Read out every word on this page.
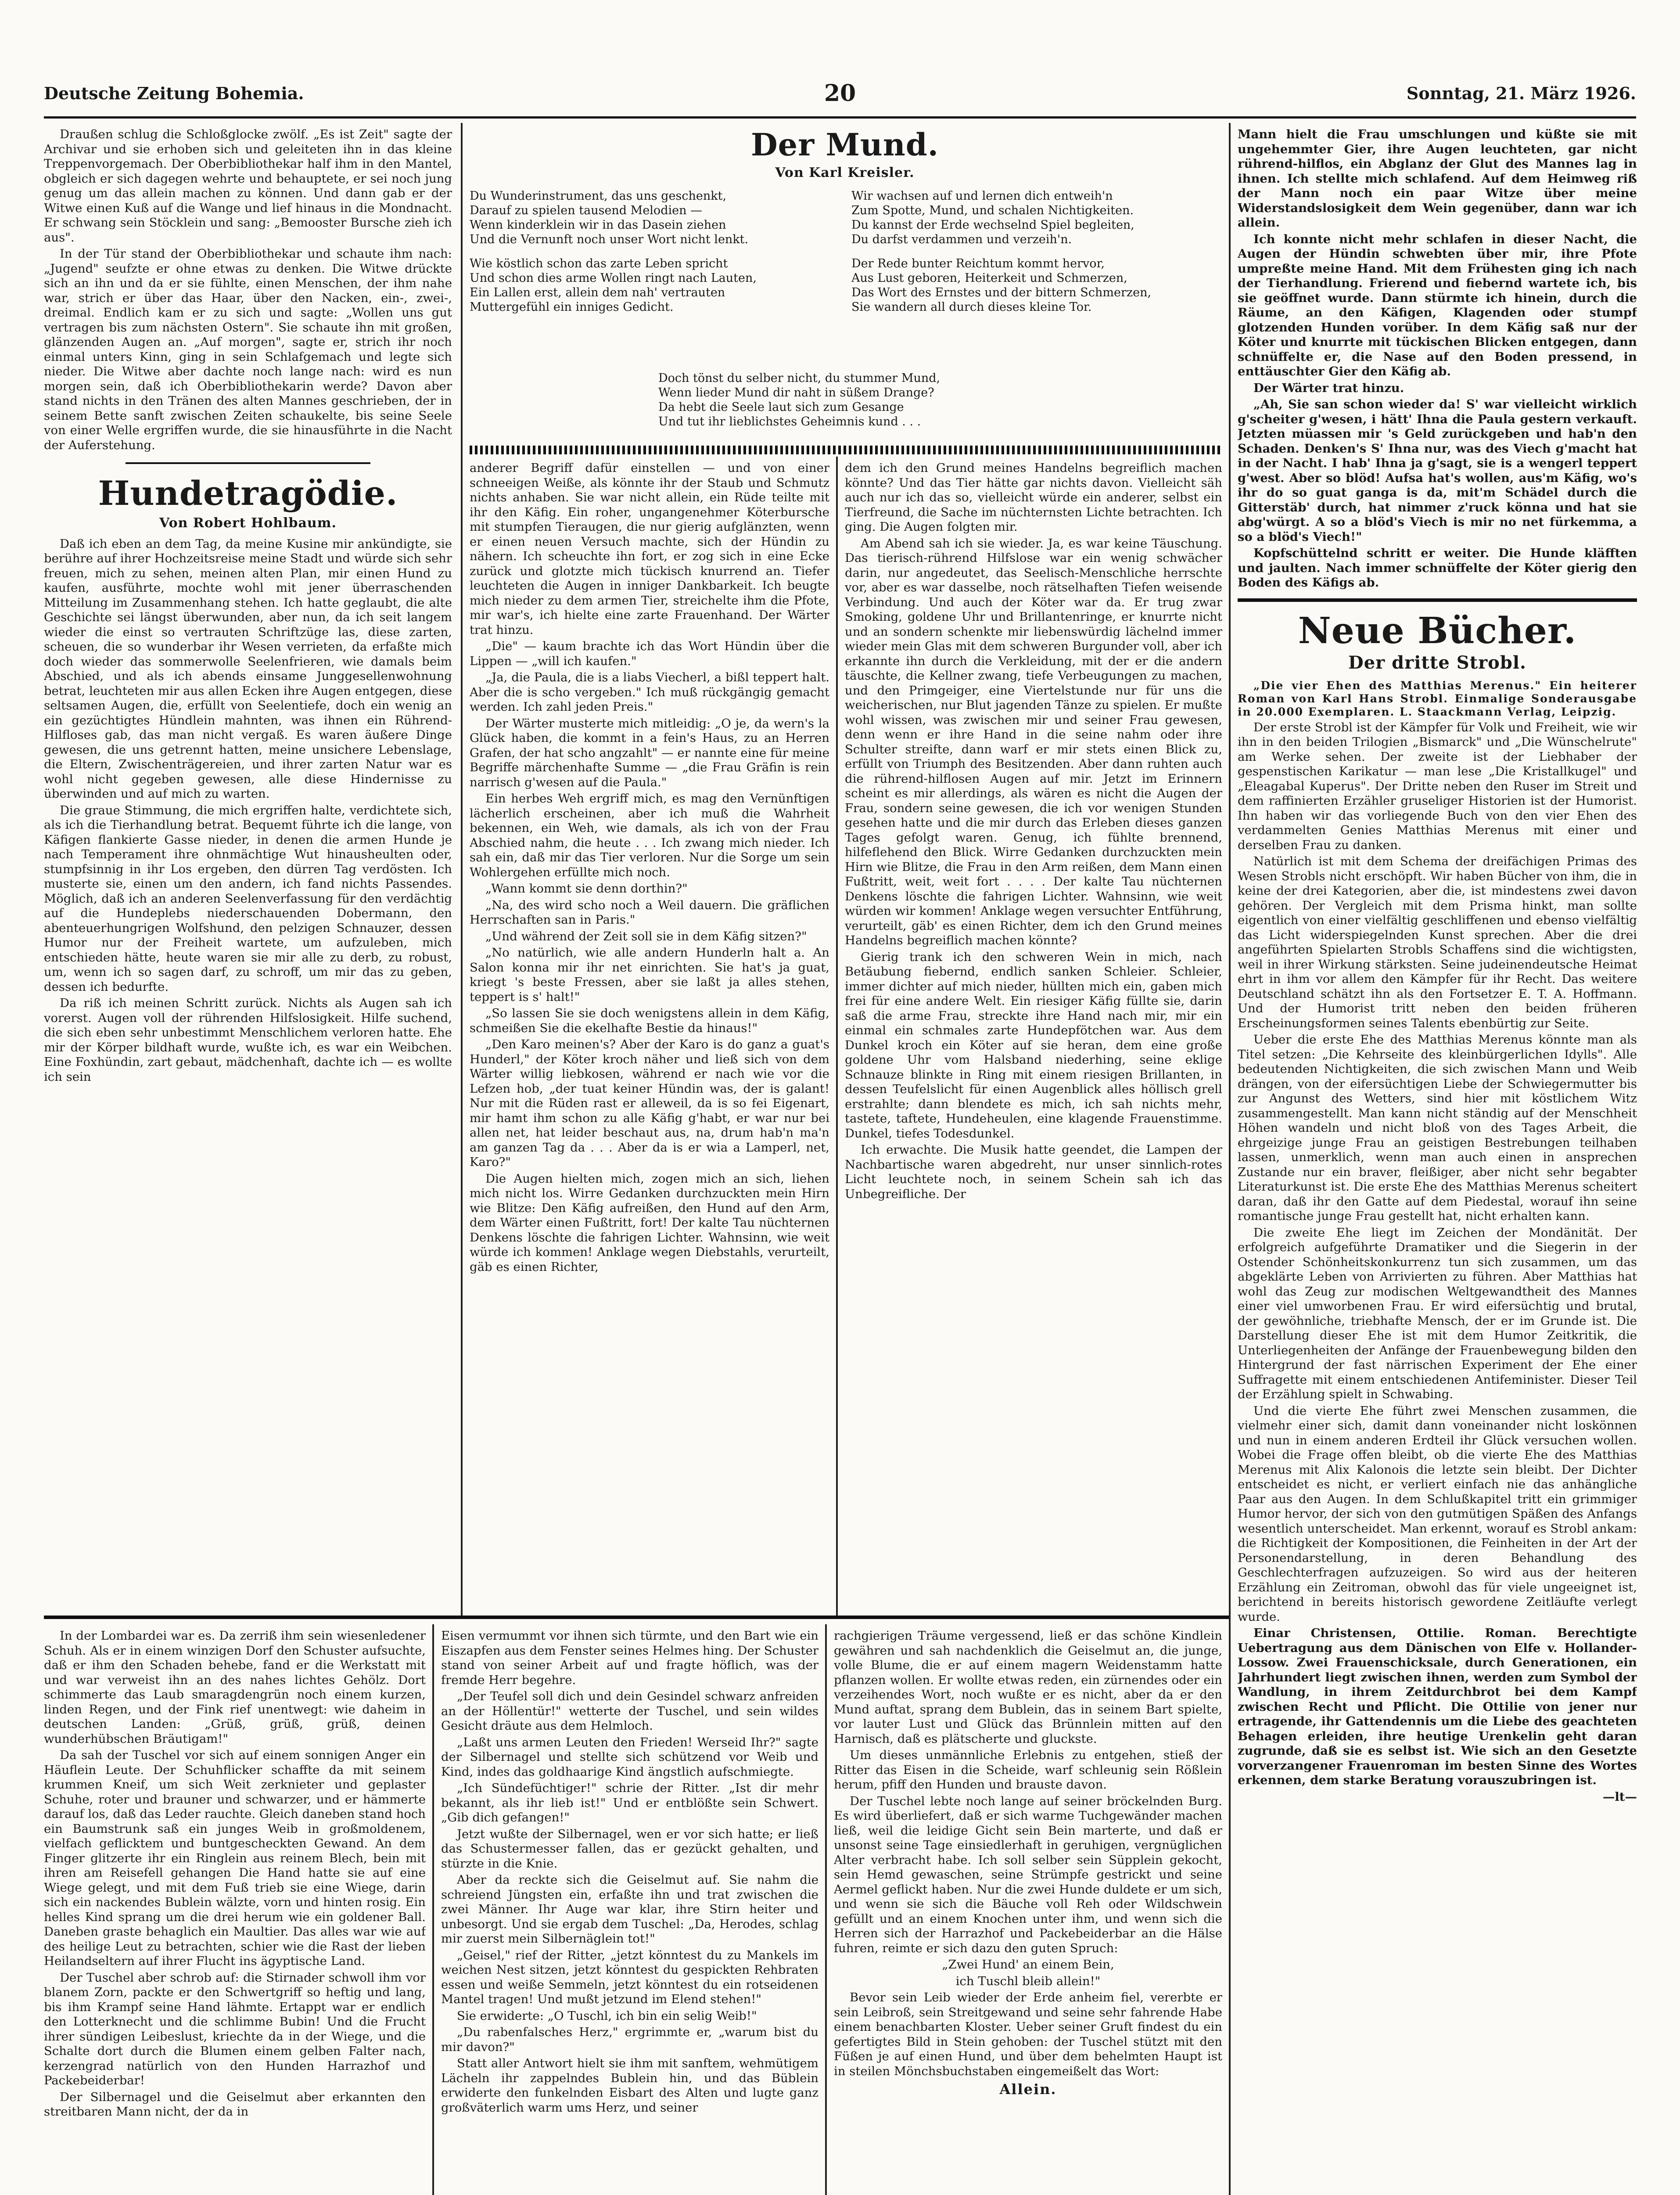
Deutsche Zeitung Bohemia.	20	Sonntag, 21. März 1926.

Draußen schlug die Schloßglocke zwölf. „Es ist Zeit" sagte der Archivar und sie erhoben sich und geleiteten ihn in das kleine Treppenvorgemach. Der Oberbibliothekar half ihm in den Mantel, obgleich er sich dagegen wehrte und behauptete, er sei noch jung genug um das allein machen zu können. Und dann gab er der Witwe einen Kuß auf die Wange und lief hinaus in die Mondnacht. Er schwang sein Stöcklein und sang: „Bemooster Bursche zieh ich aus".

In der Tür stand der Oberbibliothekar und schaute ihm nach: „Jugend" seufzte er ohne etwas zu denken. Die Witwe drückte sich an ihn und da er sie fühlte, einen Menschen, der ihm nahe war, strich er über das Haar, über den Nacken, ein-, zwei-, dreimal. Endlich kam er zu sich und sagte: „Wollen uns gut vertragen bis zum nächsten Ostern". Sie schaute ihn mit großen, glänzenden Augen an. „Auf morgen", sagte er, strich ihr noch einmal unters Kinn, ging in sein Schlafgemach und legte sich nieder. Die Witwe aber dachte noch lange nach: wird es nun morgen sein, daß ich Oberbibliothekarin werde? Davon aber stand nichts in den Tränen des alten Mannes geschrieben, der in seinem Bette sanft zwischen Zeiten schaukelte, bis seine Seele von einer Welle ergriffen wurde, die sie hinausführte in die Nacht der Auferstehung.

Hundetragödie.
Von Robert Hohlbaum.

Daß ich eben an dem Tag, da meine Kusine mir ankündigte, sie berühre auf ihrer Hochzeitsreise meine Stadt und würde sich sehr freuen, mich zu sehen, meinen alten Plan, mir einen Hund zu kaufen, ausführte, mochte wohl mit jener überraschenden Mitteilung im Zusammenhang stehen. Ich hatte geglaubt, die alte Geschichte sei längst überwunden, aber nun, da ich seit langem wieder die einst so vertrauten Schriftzüge las, diese zarten, scheuen, die so wunderbar ihr Wesen verrieten, da erfaßte mich doch wieder das sommerwolle Seelenfrieren, wie damals beim Abschied, und als ich abends einsame Junggesellenwohnung betrat, leuchteten mir aus allen Ecken ihre Augen entgegen, diese seltsamen Augen, die, erfüllt von Seelentiefe, doch ein wenig an ein gezüchtigtes Hündlein mahnten, was ihnen ein Rührend-Hilfloses gab, das man nicht vergaß. Es waren äußere Dinge gewesen, die uns getrennt hatten, meine unsichere Lebenslage, die Eltern, Zwischenträgereien, und ihrer zarten Natur war es wohl nicht gegeben gewesen, alle diese Hindernisse zu überwinden und auf mich zu warten.

Die graue Stimmung, die mich ergriffen halte, verdichtete sich, als ich die Tierhandlung betrat. Bequemt führte ich die lange, von Käfigen flankierte Gasse nieder, in denen die armen Hunde je nach Temperament ihre ohnmächtige Wut hinausheulten oder, stumpfsinnig in ihr Los ergeben, den dürren Tag verdösten. Ich musterte sie, einen um den andern, ich fand nichts Passendes. Möglich, daß ich an anderen Seelenverfassung für den verdächtig auf die Hundeplebs niederschauenden Dobermann, den abenteuerhungrigen Wolfshund, den pelzigen Schnauzer, dessen Humor nur der Freiheit wartete, um aufzuleben, mich entschieden hätte, heute waren sie mir alle zu derb, zu robust, um, wenn ich so sagen darf, zu schroff, um mir das zu geben, dessen ich bedurfte.

Da riß ich meinen Schritt zurück. Nichts als Augen sah ich vorerst. Augen voll der rührenden Hilfslosigkeit. Hilfe suchend, die sich eben sehr unbestimmt Menschlichem verloren hatte. Ehe mir der Körper bildhaft wurde, wußte ich, es war ein Weibchen. Eine Foxhündin, zart gebaut, mädchenhaft, dachte ich — es wollte ich sein

Der Mund.
Von Karl Kreisler.
Du Wunderinstrument, das uns geschenkt,
Darauf zu spielen tausend Melodien —
Wenn kinderklein wir in das Dasein ziehen
Und die Vernunft noch unser Wort nicht lenkt.
Wie köstlich schon das zarte Leben spricht
Und schon dies arme Wollen ringt nach Lauten,
Ein Lallen erst, allein dem nah' vertrauten
Muttergefühl ein inniges Gedicht.
Wir wachsen auf und lernen dich entweih'n
Zum Spotte, Mund, und schalen Nichtigkeiten.
Du kannst der Erde wechselnd Spiel begleiten,
Du darfst verdammen und verzeih'n.
Der Rede bunter Reichtum kommt hervor,
Aus Lust geboren, Heiterkeit und Schmerzen,
Das Wort des Ernstes und der bittern Schmerzen,
Sie wandern all durch dieses kleine Tor.
Doch tönst du selber nicht, du stummer Mund,
Wenn lieder Mund dir naht in süßem Drange?
Da hebt die Seele laut sich zum Gesange
Und tut ihr lieblichstes Geheimnis kund . . .

anderer Begriff dafür einstellen — und von einer schneeigen Weiße, als könnte ihr der Staub und Schmutz nichts anhaben. Sie war nicht allein, ein Rüde teilte mit ihr den Käfig. Ein roher, ungangenehmer Köterbursche mit stumpfen Tieraugen, die nur gierig aufglänzten, wenn er einen neuen Versuch machte, sich der Hündin zu nähern. Ich scheuchte ihn fort, er zog sich in eine Ecke zurück und glotzte mich tückisch knurrend an. Tiefer leuchteten die Augen in inniger Dankbarkeit. Ich beugte mich nieder zu dem armen Tier, streichelte ihm die Pfote, mir war's, ich hielte eine zarte Frauenhand. Der Wärter trat hinzu.

„Die" — kaum brachte ich das Wort Hündin über die Lippen — „will ich kaufen."

„Ja, die Paula, die is a liabs Viecherl, a bißl teppert halt. Aber die is scho vergeben." Ich muß rückgängig gemacht werden. Ich zahl jeden Preis."

Der Wärter musterte mich mitleidig: „O je, da wern's la Glück haben, die kommt in a fein's Haus, zu an Herren Grafen, der hat scho angzahlt" — er nannte eine für meine Begriffe märchenhafte Summe — „die Frau Gräfin is rein narrisch g'wesen auf die Paula."

Ein herbes Weh ergriff mich, es mag den Vernünftigen lächerlich erscheinen, aber ich muß die Wahrheit bekennen, ein Weh, wie damals, als ich von der Frau Abschied nahm, die heute . . . Ich zwang mich nieder. Ich sah ein, daß mir das Tier verloren. Nur die Sorge um sein Wohlergehen erfüllte mich noch.

„Wann kommt sie denn dorthin?"

„Na, des wird scho noch a Weil dauern. Die gräflichen Herrschaften san in Paris."

„Und während der Zeit soll sie in dem Käfig sitzen?"

„No natürlich, wie alle andern Hunderln halt a. An Salon konna mir ihr net einrichten. Sie hat's ja guat, kriegt 's beste Fressen, aber sie laßt ja alles stehen, teppert is s' halt!"

„So lassen Sie sie doch wenigstens allein in dem Käfig, schmeißen Sie die ekelhafte Bestie da hinaus!"

„Den Karo meinen's? Aber der Karo is do ganz a guat's Hunderl," der Köter kroch näher und ließ sich von dem Wärter willig liebkosen, während er nach wie vor die Lefzen hob, „der tuat keiner Hündin was, der is galant! Nur mit die Rüden rast er alleweil, da is so fei Eigenart, mir hamt ihm schon zu alle Käfig g'habt, er war nur bei allen net, hat leider beschaut aus, na, drum hab'n ma'n am ganzen Tag da . . . Aber da is er wia a Lamperl, net, Karo?"

Die Augen hielten mich, zogen mich an sich, liehen mich nicht los. Wirre Gedanken durchzuckten mein Hirn wie Blitze: Den Käfig aufreißen, den Hund auf den Arm, dem Wärter einen Fußtritt, fort! Der kalte Tau nüchternen Denkens löschte die fahrigen Lichter. Wahnsinn, wie weit würde ich kommen! Anklage wegen Diebstahls, verurteilt, gäb es einen Richter,

dem ich den Grund meines Handelns begreiflich machen könnte? Und das Tier hätte gar nichts davon. Vielleicht säh auch nur ich das so, vielleicht würde ein anderer, selbst ein Tierfreund, die Sache im nüchternsten Lichte betrachten. Ich ging. Die Augen folgten mir.

Am Abend sah ich sie wieder. Ja, es war keine Täuschung. Das tierisch-rührend Hilfslose war ein wenig schwächer darin, nur angedeutet, das Seelisch-Menschliche herrschte vor, aber es war dasselbe, noch rätselhaften Tiefen weisende Verbindung. Und auch der Köter war da. Er trug zwar Smoking, goldene Uhr und Brillantenringe, er knurrte nicht und an sondern schenkte mir liebenswürdig lächelnd immer wieder mein Glas mit dem schweren Burgunder voll, aber ich erkannte ihn durch die Verkleidung, mit der er die andern täuschte, die Kellner zwang, tiefe Verbeugungen zu machen, und den Primgeiger, eine Viertelstunde nur für uns die weicherischen, nur Blut jagenden Tänze zu spielen. Er mußte wohl wissen, was zwischen mir und seiner Frau gewesen, denn wenn er ihre Hand in die seine nahm oder ihre Schulter streifte, dann warf er mir stets einen Blick zu, erfüllt von Triumph des Besitzenden. Aber dann ruhten auch die rührend-hilflosen Augen auf mir. Jetzt im Erinnern scheint es mir allerdings, als wären es nicht die Augen der Frau, sondern seine gewesen, die ich vor wenigen Stunden gesehen hatte und die mir durch das Erleben dieses ganzen Tages gefolgt waren. Genug, ich fühlte brennend, hilfeflehend den Blick. Wirre Gedanken durchzuckten mein Hirn wie Blitze, die Frau in den Arm reißen, dem Mann einen Fußtritt, weit, weit fort . . . . Der kalte Tau nüchternen Denkens löschte die fahrigen Lichter. Wahnsinn, wie weit würden wir kommen! Anklage wegen versuchter Entführung, verurteilt, gäb' es einen Richter, dem ich den Grund meines Handelns begreiflich machen könnte?

Gierig trank ich den schweren Wein in mich, nach Betäubung fiebernd, endlich sanken Schleier. Schleier, immer dichter auf mich nieder, hüllten mich ein, gaben mich frei für eine andere Welt. Ein riesiger Käfig füllte sie, darin saß die arme Frau, streckte ihre Hand nach mir, mir ein einmal ein schmales zarte Hundepfötchen war. Aus dem Dunkel kroch ein Köter auf sie heran, dem eine große goldene Uhr vom Halsband niederhing, seine eklige Schnauze blinkte in Ring mit einem riesigen Brillanten, in dessen Teufelslicht für einen Augenblick alles höllisch grell erstrahlte; dann blendete es mich, ich sah nichts mehr, tastete, taftete, Hundeheulen, eine klagende Frauenstimme. Dunkel, tiefes Todesdunkel.

Ich erwachte. Die Musik hatte geendet, die Lampen der Nachbartische waren abgedreht, nur unser sinnlich-rotes Licht leuchtete noch, in seinem Schein sah ich das Unbegreifliche. Der

Mann hielt die Frau umschlungen und küßte sie mit ungehemmter Gier, ihre Augen leuchteten, gar nicht rührend-hilflos, ein Abglanz der Glut des Mannes lag in ihnen. Ich stellte mich schlafend. Auf dem Heimweg riß der Mann noch ein paar Witze über meine Widerstandslosigkeit dem Wein gegenüber, dann war ich allein.

Ich konnte nicht mehr schlafen in dieser Nacht, die Augen der Hündin schwebten über mir, ihre Pfote umpreßte meine Hand. Mit dem Frühesten ging ich nach der Tierhandlung. Frierend und fiebernd wartete ich, bis sie geöffnet wurde. Dann stürmte ich hinein, durch die Räume, an den Käfigen, Klagenden oder stumpf glotzenden Hunden vorüber. In dem Käfig saß nur der Köter und knurrte mit tückischen Blicken entgegen, dann schnüffelte er, die Nase auf den Boden pressend, in enttäuschter Gier den Käfig ab.

Der Wärter trat hinzu.

„Ah, Sie san schon wieder da! S' war vielleicht wirklich g'scheiter g'wesen, i hätt' Ihna die Paula gestern verkauft. Jetzten müassen mir 's Geld zurückgeben und hab'n den Schaden. Denken's S' Ihna nur, was des Viech g'macht hat in der Nacht. I hab' Ihna ja g'sagt, sie is a wengerl teppert g'west. Aber so blöd! Aufsa hat's wollen, aus'm Käfig, wo's ihr do so guat ganga is da, mit'm Schädel durch die Gitterstäb' durch, hat nimmer z'ruck könna und hat sie abg'würgt. A so a blöd's Viech is mir no net fürkemma, a so a blöd's Viech!"

Kopfschüttelnd schritt er weiter. Die Hunde kläfften und jaulten. Nach immer schnüffelte der Köter gierig den Boden des Käfigs ab.

Neue Bücher.
Der dritte Strobl.

„Die vier Ehen des Matthias Merenus." Ein heiterer Roman von Karl Hans Strobl. Einmalige Sonderausgabe in 20.000 Exemplaren. L. Staackmann Verlag, Leipzig.

Der erste Strobl ist der Kämpfer für Volk und Freiheit, wie wir ihn in den beiden Trilogien „Bismarck" und „Die Wünschelrute" am Werke sehen. Der zweite ist der Liebhaber der gespenstischen Karikatur — man lese „Die Kristallkugel" und „Eleagabal Kuperus". Der Dritte neben den Ruser im Streit und dem raffinierten Erzähler gruseliger Historien ist der Humorist. Ihn haben wir das vorliegende Buch von den vier Ehen des verdammelten Genies Matthias Merenus mit einer und derselben Frau zu danken.

Natürlich ist mit dem Schema der dreifächigen Primas des Wesen Strobls nicht erschöpft. Wir haben Bücher von ihm, die in keine der drei Kategorien, aber die, ist mindestens zwei davon gehören. Der Vergleich mit dem Prisma hinkt, man sollte eigentlich von einer vielfältig geschliffenen und ebenso vielfältig das Licht widerspiegelnden Kunst sprechen. Aber die drei angeführten Spielarten Strobls Schaffens sind die wichtigsten, weil in ihrer Wirkung stärksten. Seine judeinendeutsche Heimat ehrt in ihm vor allem den Kämpfer für ihr Recht. Das weitere Deutschland schätzt ihn als den Fortsetzer E. T. A. Hoffmann. Und der Humorist tritt neben den beiden früheren Erscheinungsformen seines Talents ebenbürtig zur Seite.

Ueber die erste Ehe des Matthias Merenus könnte man als Titel setzen: „Die Kehrseite des kleinbürgerlichen Idylls". Alle bedeutenden Nichtigkeiten, die sich zwischen Mann und Weib drängen, von der eifersüchtigen Liebe der Schwiegermutter bis zur Angunst des Wetters, sind hier mit köstlichem Witz zusammengestellt. Man kann nicht ständig auf der Menschheit Höhen wandeln und nicht bloß von des Tages Arbeit, die ehrgeizige junge Frau an geistigen Bestrebungen teilhaben lassen, unmerklich, wenn man auch einen in ansprechen Zustande nur ein braver, fleißiger, aber nicht sehr begabter Literaturkunst ist. Die erste Ehe des Matthias Merenus scheitert daran, daß ihr den Gatte auf dem Piedestal, worauf ihn seine romantische junge Frau gestellt hat, nicht erhalten kann.

Die zweite Ehe liegt im Zeichen der Mondänität. Der erfolgreich aufgeführte Dramatiker und die Siegerin in der Ostender Schönheitskonkurrenz tun sich zusammen, um das abgeklärte Leben von Arrivierten zu führen. Aber Matthias hat wohl das Zeug zur modischen Weltgewandtheit des Mannes einer viel umworbenen Frau. Er wird eifersüchtig und brutal, der gewöhnliche, triebhafte Mensch, der er im Grunde ist. Die Darstellung dieser Ehe ist mit dem Humor Zeitkritik, die Unterliegenheiten der Anfänge der Frauenbewegung bilden den Hintergrund der fast närrischen Experiment der Ehe einer Suffragette mit einem entschiedenen Antifeminister. Dieser Teil der Erzählung spielt in Schwabing.

Und die vierte Ehe führt zwei Menschen zusammen, die vielmehr einer sich, damit dann voneinander nicht loskönnen und nun in einem anderen Erdteil ihr Glück versuchen wollen. Wobei die Frage offen bleibt, ob die vierte Ehe des Matthias Merenus mit Alix Kalonois die letzte sein bleibt. Der Dichter entscheidet es nicht, er verliert einfach nie das anhängliche Paar aus den Augen. In dem Schlußkapitel tritt ein grimmiger Humor hervor, der sich von den gutmütigen Späßen des Anfangs wesentlich unterscheidet. Man erkennt, worauf es Strobl ankam: die Richtigkeit der Kompositionen, die Feinheiten in der Art der Personendarstellung, in deren Behandlung des Geschlechterfragen aufzuzeigen. So wird aus der heiteren Erzählung ein Zeitroman, obwohl das für viele ungeeignet ist, berichtend in bereits historisch gewordene Zeitläufte verlegt wurde.

Einar Christensen, Ottilie. Roman. Berechtigte Uebertragung aus dem Dänischen von Elfe v. Hollander-Lossow. Zwei Frauenschicksale, durch Generationen, ein Jahrhundert liegt zwischen ihnen, werden zum Symbol der Wandlung, in ihrem Zeitdurchbrot bei dem Kampf zwischen Recht und Pflicht. Die Ottilie von jener nur ertragende, ihr Gattendennis um die Liebe des geachteten Behagen erleiden, ihre heutige Urenkelin geht daran zugrunde, daß sie es selbst ist. Wie sich an den Gesetzte vorverzangener Frauenroman im besten Sinne des Wortes erkennen, dem starke Beratung vorauszubringen ist.

—lt—

In der Lombardei war es. Da zerriß ihm sein wiesenledener Schuh. Als er in einem winzigen Dorf den Schuster aufsuchte, daß er ihm den Schaden behebe, fand er die Werkstatt mit und war verweist ihn an des nahes lichtes Gehölz. Dort schimmerte das Laub smaragdengrün noch einem kurzen, linden Regen, und der Fink rief unentwegt: wie daheim in deutschen Landen: „Grüß, grüß, grüß, deinen wunderhübschen Bräutigam!"

Da sah der Tuschel vor sich auf einem sonnigen Anger ein Häuflein Leute. Der Schuhflicker schaffte da mit seinem krummen Kneif, um sich Weit zerknieter und geplaster Schuhe, roter und brauner und schwarzer, und er hämmerte darauf los, daß das Leder rauchte. Gleich daneben stand hoch ein Baumstrunk saß ein junges Weib in großmoldenem, vielfach geflicktem und buntgescheckten Gewand. An dem Finger glitzerte ihr ein Ringlein aus reinem Blech, bein mit ihren am Reisefell gehangen Die Hand hatte sie auf eine Wiege gelegt, und mit dem Fuß trieb sie eine Wiege, darin sich ein nackendes Bublein wälzte, vorn und hinten rosig. Ein helles Kind sprang um die drei herum wie ein goldener Ball. Daneben graste behaglich ein Maultier. Das alles war wie auf des heilige Leut zu betrachten, schier wie die Rast der lieben Heilandseltern auf ihrer Flucht ins ägyptische Land.

Der Tuschel aber schrob auf: die Stirnader schwoll ihm vor blanem Zorn, packte er den Schwertgriff so heftig und lang, bis ihm Krampf seine Hand lähmte. Ertappt war er endlich den Lotterknecht und die schlimme Bubin! Und die Frucht ihrer sündigen Leibeslust, kriechte da in der Wiege, und die Schalte dort durch die Blumen einem gelben Falter nach, kerzengrad natürlich von den Hunden Harrazhof und Packebeiderbar!

Der Silbernagel und die Geiselmut aber erkannten den streitbaren Mann nicht, der da in

Eisen vermummt vor ihnen sich türmte, und den Bart wie ein Eiszapfen aus dem Fenster seines Helmes hing. Der Schuster stand von seiner Arbeit auf und fragte höflich, was der fremde Herr begehre.

„Der Teufel soll dich und dein Gesindel schwarz anfreiden an der Höllentür!" wetterte der Tuschel, und sein wildes Gesicht dräute aus dem Helmloch.

„Laßt uns armen Leuten den Frieden! Werseid Ihr?" sagte der Silbernagel und stellte sich schützend vor Weib und Kind, indes das goldhaarige Kind ängstlich aufschmiegte.

„Ich Sündefüchtiger!" schrie der Ritter. „Ist dir mehr bekannt, als ihr lieb ist!" Und er entblößte sein Schwert. „Gib dich gefangen!"

Jetzt wußte der Silbernagel, wen er vor sich hatte; er ließ das Schustermesser fallen, das er gezückt gehalten, und stürzte in die Knie.

Aber da reckte sich die Geiselmut auf. Sie nahm die schreiend Jüngsten ein, erfaßte ihn und trat zwischen die zwei Männer. Ihr Auge war klar, ihre Stirn heiter und unbesorgt. Und sie ergab dem Tuschel: „Da, Herodes, schlag mir zuerst mein Silbernäglein tot!"

„Geisel," rief der Ritter, „jetzt könntest du zu Mankels im weichen Nest sitzen, jetzt könntest du gespickten Rehbraten essen und weiße Semmeln, jetzt könntest du ein rotseidenen Mantel tragen! Und mußt jetzund im Elend stehen!"

Sie erwiderte: „O Tuschl, ich bin ein selig Weib!"

„Du rabenfalsches Herz," ergrimmte er, „warum bist du mir davon?"

Statt aller Antwort hielt sie ihm mit sanftem, wehmütigem Lächeln ihr zappelndes Bublein hin, und das Büblein erwiderte den funkelnden Eisbart des Alten und lugte ganz großväterlich warm ums Herz, und seiner

rachgierigen Träume vergessend, ließ er das schöne Kindlein gewähren und sah nachdenklich die Geiselmut an, die junge, volle Blume, die er auf einem magern Weidenstamm hatte pflanzen wollen. Er wollte etwas reden, ein zürnendes oder ein verzeihendes Wort, noch wußte er es nicht, aber da er den Mund auftat, sprang dem Bublein, das in seinem Bart spielte, vor lauter Lust und Glück das Brünnlein mitten auf den Harnisch, daß es plätscherte und gluckste.

Um dieses unmännliche Erlebnis zu entgehen, stieß der Ritter das Eisen in die Scheide, warf schleunig sein Rößlein herum, pfiff den Hunden und brauste davon.

Der Tuschel lebte noch lange auf seiner bröckelnden Burg. Es wird überliefert, daß er sich warme Tuchgewänder machen ließ, weil die leidige Gicht sein Bein marterte, und daß er unsonst seine Tage einsiedlerhaft in geruhigen, vergnüglichen Alter verbracht habe. Ich soll selber sein Süpplein gekocht, sein Hemd gewaschen, seine Strümpfe gestrickt und seine Aermel geflickt haben. Nur die zwei Hunde duldete er um sich, und wenn sie sich die Bäuche voll Reh oder Wildschwein gefüllt und an einem Knochen unter ihm, und wenn sich die Herren sich der Harrazhof und Packebeiderbar an die Hälse fuhren, reimte er sich dazu den guten Spruch:

„Zwei Hund' an einem Bein,

ich Tuschl bleib allein!"

Bevor sein Leib wieder der Erde anheim fiel, vererbte er sein Leibroß, sein Streitgewand und seine sehr fahrende Habe einem benachbarten Kloster. Ueber seiner Gruft findest du ein gefertigtes Bild in Stein gehoben: der Tuschel stützt mit den Füßen je auf einen Hund, und über dem behelmten Haupt ist in steilen Mönchsbuchstaben eingemeißelt das Wort:

Allein.
